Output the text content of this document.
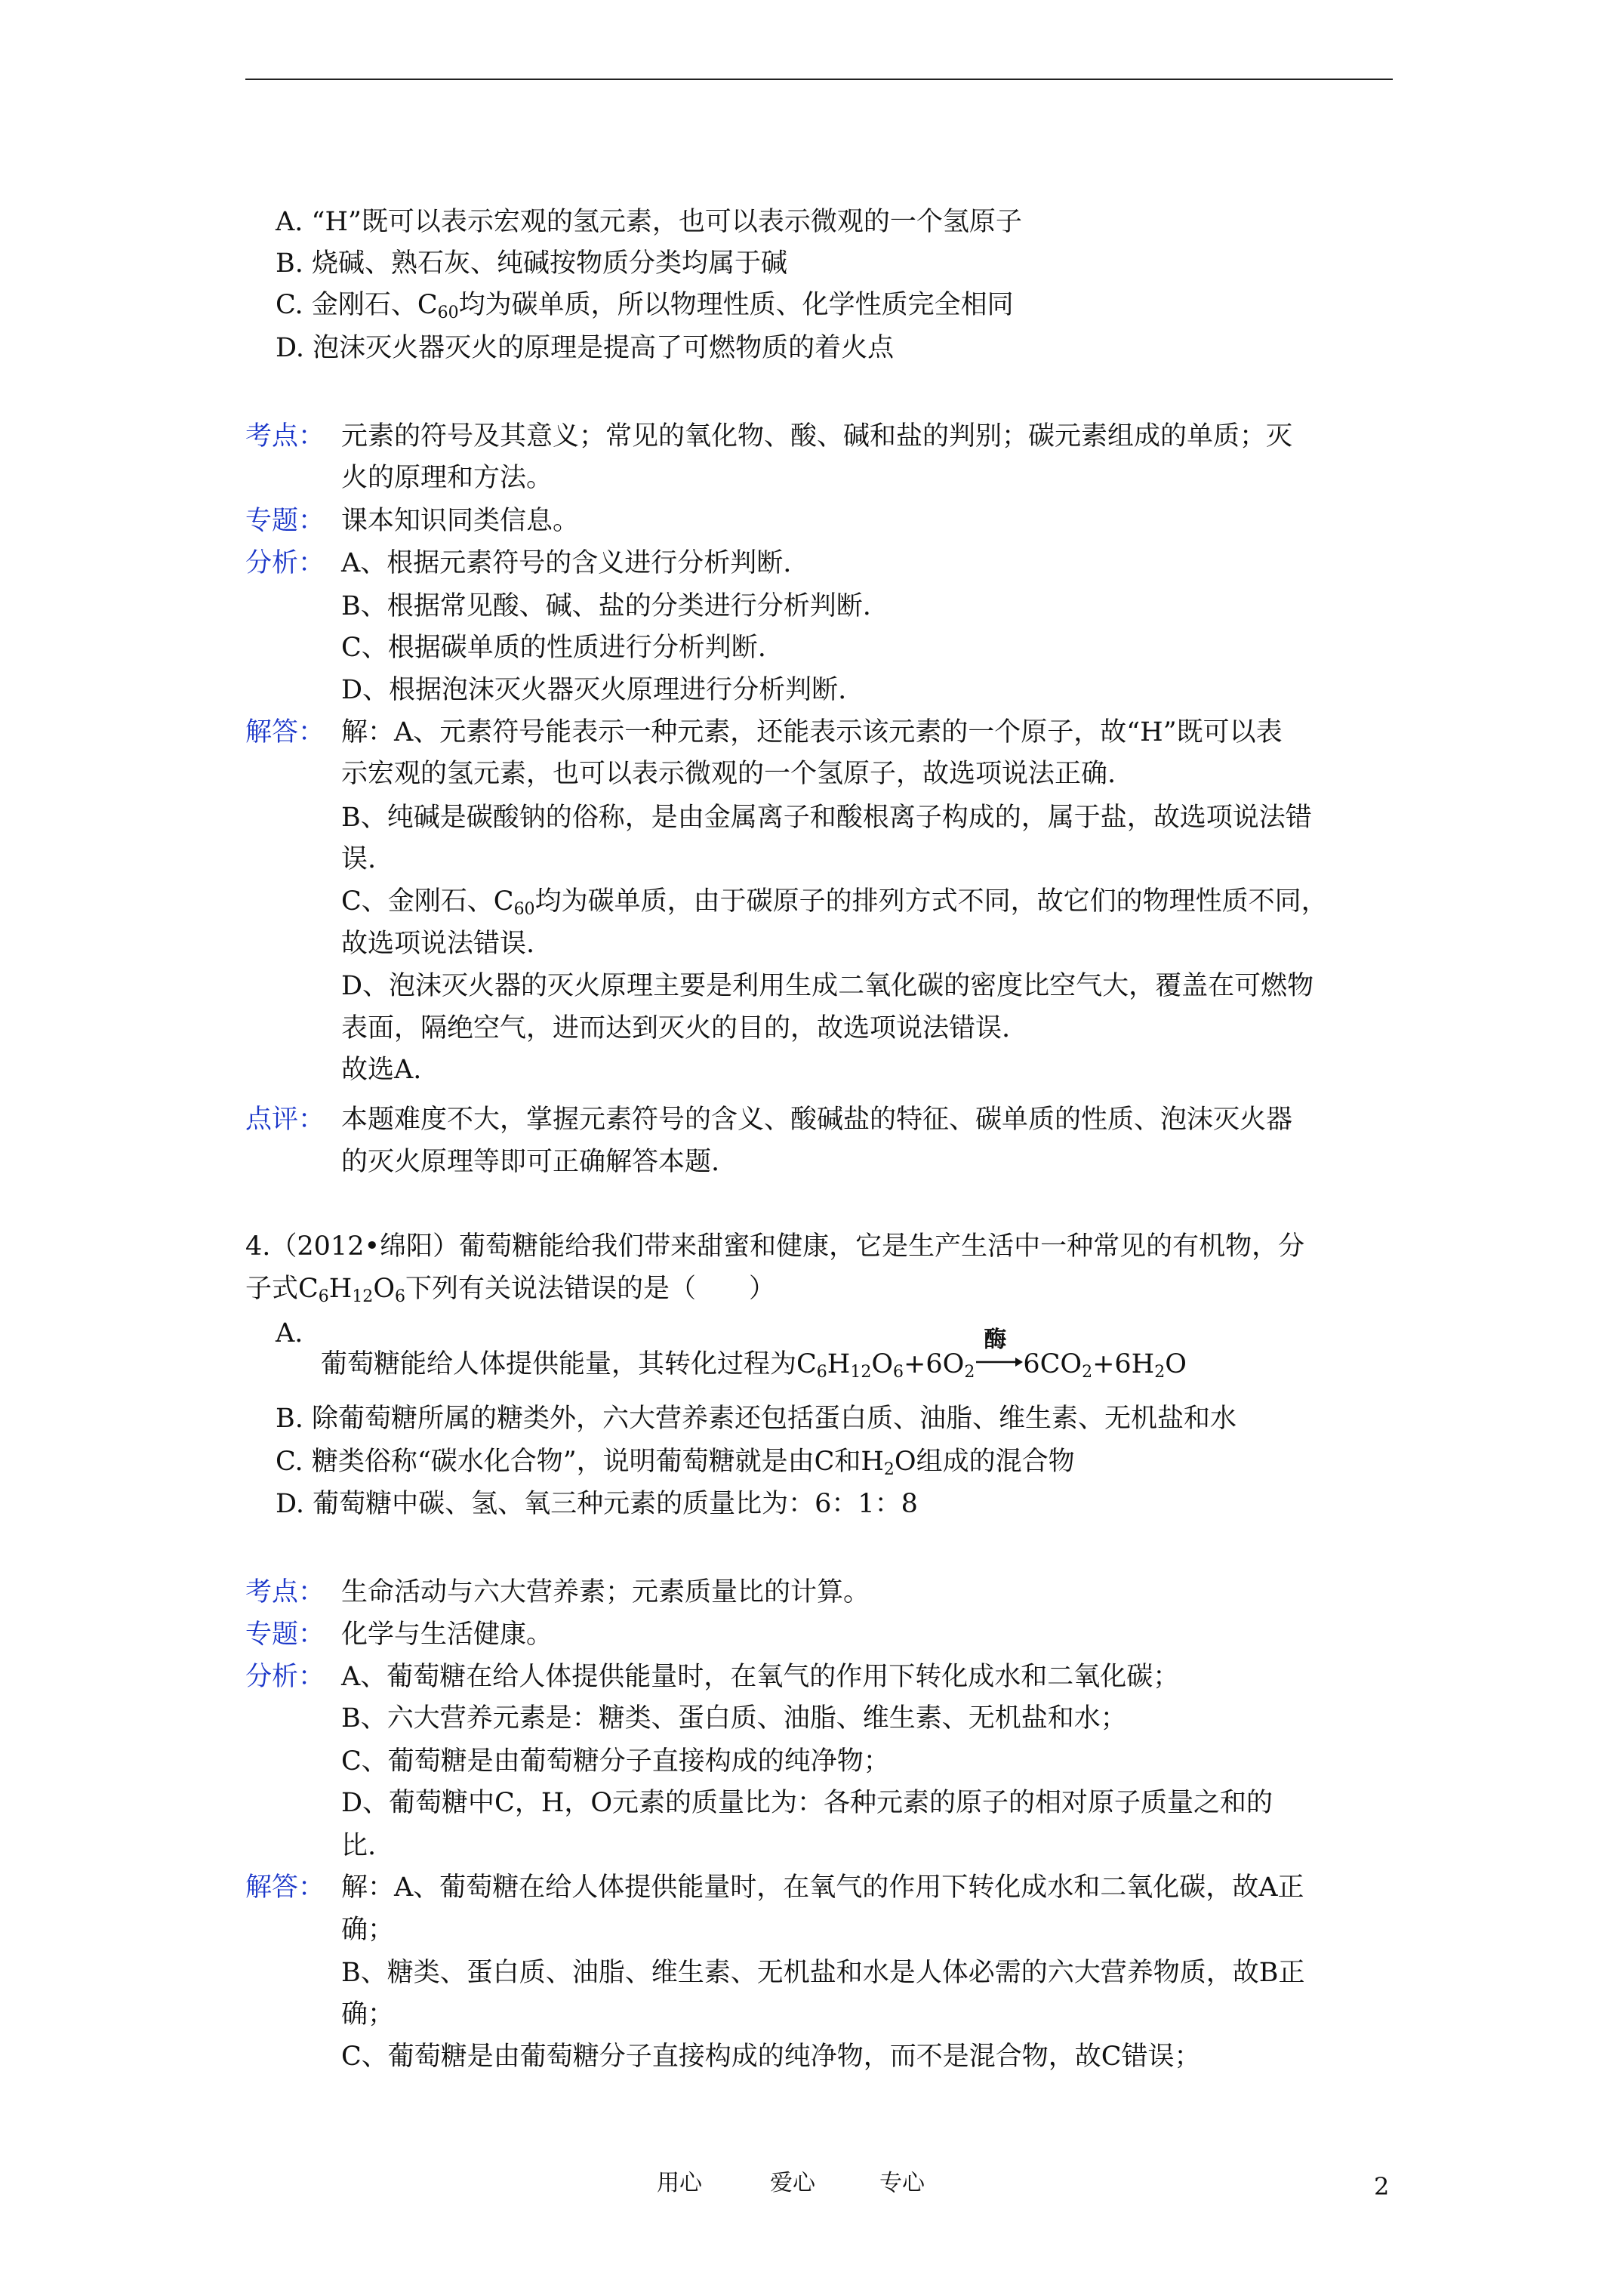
A. “H”既可以表示宏观的氢元素，也可以表示微观的一个氢原子
B. 烧碱、熟石灰、纯碱按物质分类均属于碱
C. 金刚石、$C_{60}$均为碳单质，所以物理性质、化学性质完全相同
D. 泡沫灭火器灭火的原理是提高了可燃物质的着火点
考点： 元素的符号及其意义；常见的氧化物、酸、碱和盐的判别；碳元素组成的单质；灭
火的原理和方法。
专题： 课本知识同类信息。
分析： A、根据元素符号的含义进行分析判断.
B、根据常见酸、碱、盐的分类进行分析判断.
C、根据碳单质的性质进行分析判断.
D、根据泡沫灭火器灭火原理进行分析判断.
解答： 解：A、元素符号能表示一种元素，还能表示该元素的一个原子，故“H”既可以表
示宏观的氢元素，也可以表示微观的一个氢原子，故选项说法正确.
B、纯碱是碳酸钠的俗称，是由金属离子和酸根离子构成的，属于盐，故选项说法错
误.
C、金刚石、$C_{60}$均为碳单质，由于碳原子的排列方式不同，故它们的物理性质不同，
故选项说法错误.
D、泡沫灭火器的灭火原理主要是利用生成二氧化碳的密度比空气大，覆盖在可燃物
表面，隔绝空气，进而达到灭火的目的，故选项说法错误.
故选A.
点评： 本题难度不大，掌握元素符号的含义、酸碱盐的特征、碳单质的性质、泡沫灭火器
的灭火原理等即可正确解答本题.
4.（2012•绵阳）葡萄糖能给我们带来甜蜜和健康，它是生产生活中一种常见的有机物，分
子式$C_6H_{12}O_6$下列有关说法错误的是（　　）
A.
葡萄糖能给人体提供能量，其转化过程为$C_6H_{12}O_6+6O_2$
酶
$6CO_2+6H_2O$
B. 除葡萄糖所属的糖类外，六大营养素还包括蛋白质、油脂、维生素、无机盐和水
C. 糖类俗称“碳水化合物”，说明葡萄糖就是由C和$H_2O$组成的混合物
D. 葡萄糖中碳、氢、氧三种元素的质量比为：6：1：8
考点： 生命活动与六大营养素；元素质量比的计算。
专题： 化学与生活健康。
分析： A、葡萄糖在给人体提供能量时，在氧气的作用下转化成水和二氧化碳；
B、六大营养元素是：糖类、蛋白质、油脂、维生素、无机盐和水；
C、葡萄糖是由葡萄糖分子直接构成的纯净物；
D、葡萄糖中C，H，O元素的质量比为：各种元素的原子的相对原子质量之和的
比.
解答： 解：A、葡萄糖在给人体提供能量时，在氧气的作用下转化成水和二氧化碳，故A正
确；
B、糖类、蛋白质、油脂、维生素、无机盐和水是人体必需的六大营养物质，故B正
确；
C、葡萄糖是由葡萄糖分子直接构成的纯净物，而不是混合物，故C错误；
用心	爱心	专心	2
